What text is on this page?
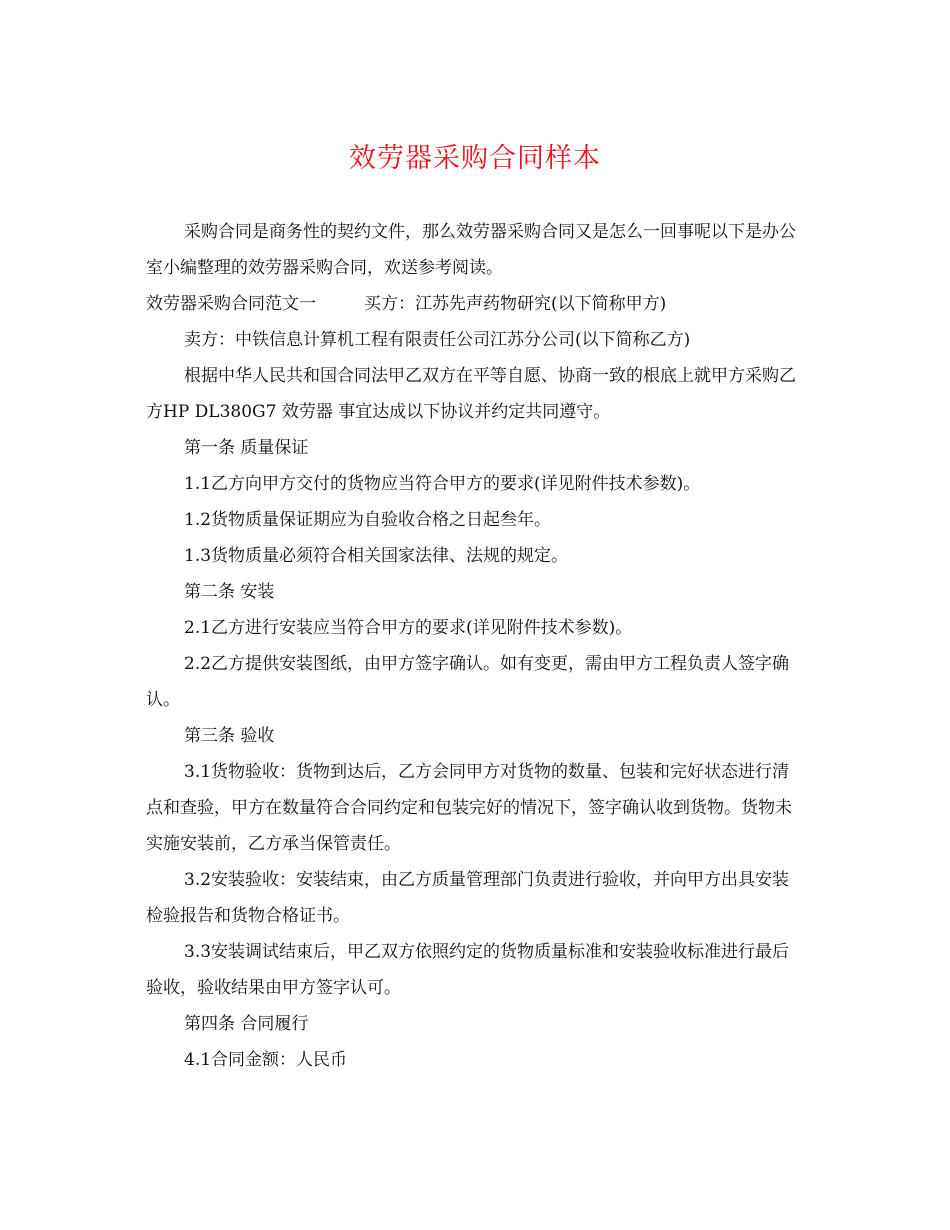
效劳器采购合同样本

采购合同是商务性的契约文件，那么效劳器采购合同又是怎么一回事呢以下是办公室小编整理的效劳器采购合同，欢送参考阅读。

效劳器采购合同范文一	买方：江苏先声药物研究(以下简称甲方)

卖方：中铁信息计算机工程有限责任公司江苏分公司(以下简称乙方)

根据中华人民共和国合同法甲乙双方在平等自愿、协商一致的根底上就甲方采购乙方HP DL380G7 效劳器 事宜达成以下协议并约定共同遵守。

第一条 质量保证

1.1乙方向甲方交付的货物应当符合甲方的要求(详见附件技术参数)。

1.2货物质量保证期应为自验收合格之日起叁年。

1.3货物质量必须符合相关国家法律、法规的规定。

第二条 安装

2.1乙方进行安装应当符合甲方的要求(详见附件技术参数)。

2.2乙方提供安装图纸，由甲方签字确认。如有变更，需由甲方工程负责人签字确认。

第三条 验收

3.1货物验收：货物到达后，乙方会同甲方对货物的数量、包装和完好状态进行清点和查验，甲方在数量符合合同约定和包装完好的情况下，签字确认收到货物。货物未实施安装前，乙方承当保管责任。

3.2安装验收：安装结束，由乙方质量管理部门负责进行验收，并向甲方出具安装检验报告和货物合格证书。

3.3安装调试结束后，甲乙双方依照约定的货物质量标准和安装验收标准进行最后验收，验收结果由甲方签字认可。

第四条 合同履行

4.1合同金额：人民币
